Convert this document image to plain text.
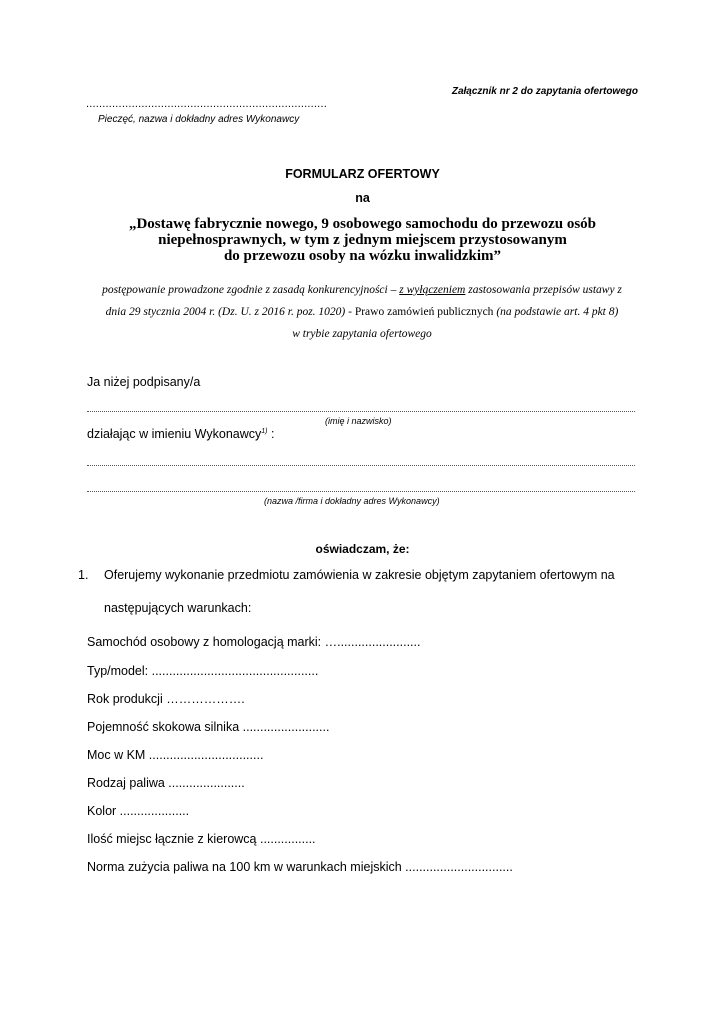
Załącznik nr 2 do zapytania ofertowego
..........................................................................
Pieczęć, nazwa i dokładny adres Wykonawcy
FORMULARZ OFERTOWY
na
„Dostawę fabrycznie nowego, 9 osobowego samochodu do przewozu osób
niepełnosprawnych, w tym z jednym miejscem przystosowanym
do przewozu osoby na wózku inwalidzkim”
postępowanie prowadzone zgodnie z zasadą konkurencyjności – z wyłączeniem zastosowania przepisów ustawy z
dnia 29 stycznia 2004 r. (Dz. U. z 2016 r. poz. 1020) - Prawo zamówień publicznych (na podstawie art. 4 pkt 8)
w trybie zapytania ofertowego
Ja niżej podpisany/a
(imię i nazwisko)
działając w imieniu Wykonawcy$^{1)}$ :
(nazwa /firma i dokładny adres Wykonawcy)
oświadczam, że:
1. Oferujemy wykonanie przedmiotu zamówienia w zakresie objętym zapytaniem ofertowym na
następujących warunkach:
Samochód osobowy z homologacją marki: …........................
Typ/model: ................................................
Rok produkcji ……………….
Pojemność skokowa silnika .........................
Moc w KM .................................
Rodzaj paliwa ......................
Kolor ....................
Ilość miejsc łącznie z kierowcą ................
Norma zużycia paliwa na 100 km w warunkach miejskich ...............................
